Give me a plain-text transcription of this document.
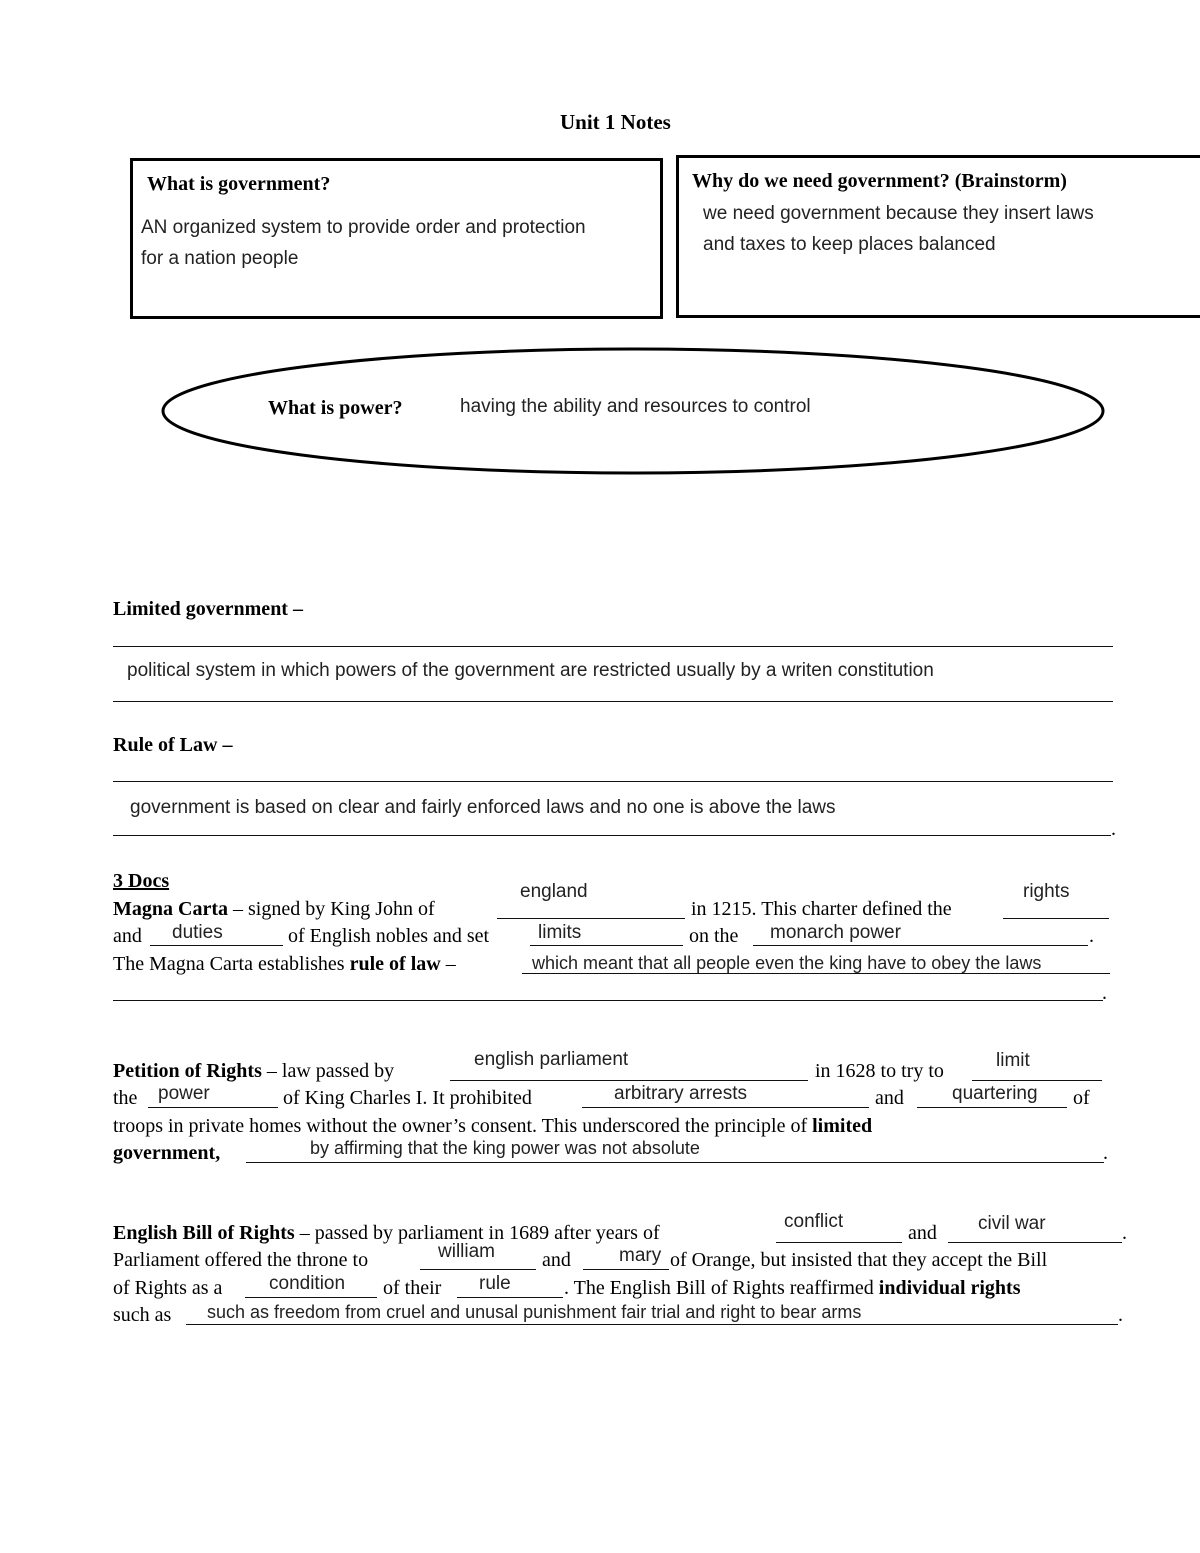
Unit 1 Notes
What is government?
AN organized system to provide order and protection
for a nation people
Why do we need government? (Brainstorm)
we need government because they insert laws
and taxes to keep places balanced
What is power?	having the ability and resources to control
Limited government –
political system in which powers of the government are restricted usually by a writen constitution
Rule of Law –
government is based on clear and fairly enforced laws and no one is above the laws
.
3 Docs
Magna Carta – signed by King John of
england
in 1215. This charter defined the
rights
and duties	of English nobles and set	limits	on the monarch power	.
The Magna Carta establishes rule of law –	which meant that all people even the king have to obey the laws
.
Petition of Rights – law passed by
english parliament
in 1628 to try to	limit
the power	of King Charles I. It prohibited	arbitrary arrests	and	quartering of
troops in private homes without the owner’s consent. This underscored the principle of limited
government,	by affirming that the king power was not absolute	.
English Bill of Rights – passed by parliament in 1689 after years of
conflict
and civil war	.
Parliament offered the throne to	william and	mary of Orange, but insisted that they accept the Bill
of Rights as a condition of their rule	. The English Bill of Rights reaffirmed individual rights
such as such as freedom from cruel and unusal punishment fair trial and right to bear arms	.
